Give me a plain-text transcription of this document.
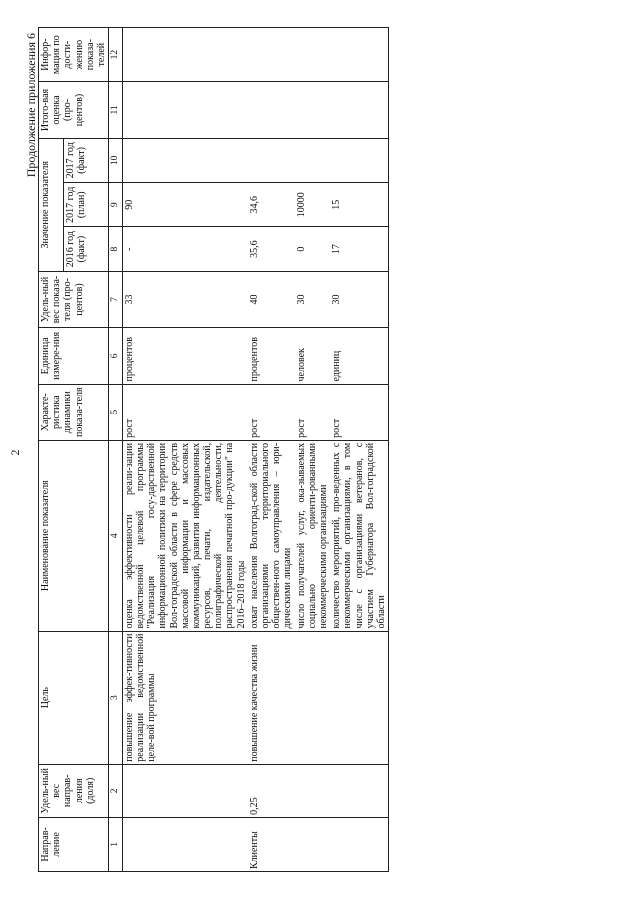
2
Продолжение приложения 6
Направ-ление	Удель-ный вес направ-ления (доля)	Цель	Наименование показателя	Характе-ристика динамики показа-теля	Единица измере-ния	Удель-ный вес показа-теля (про-центов)	Значение показателя			Итого-вая оценка (про-центов)	Инфор-мация по дости-жению показа-телей
							2016 год (факт)	2017 год (план)	2017 год (факт)		
1	2	3	4	5	6	7	8	9	10	11	12
		повышение эффек-тивности реализации ведомственной целе-вой программы	оценка эффективности реали-зации ведомственной целевой программы "Реализация госу-дарственной информационной политики на территории Вол-гоградской области в сфере средств массовой информации и массовых коммуникаций, развития информационных ресурсов, печати, издательской, полиграфической деятельности, распространения печатной про-дукции" на 2016–2018 годы	рост	процентов	33	-	90			
Клиенты	0,25	повышение качества жизни	охват населения Волгоград-ской области организациями территориального обществен-ного самоуправления – юри-дическими лицами	рост	процентов	40	35,6	34,6			
			число получателей услуг, ока-зываемых социально ориенти-рованными некоммерческими организациями	рост	человек	30	0	10000			
			количество мероприятий, про-веденных с некоммерческими организациями, в том числе с организациями ветеранов, с участием Губернатора Вол-гоградской области	рост	единиц	30	17	15			
